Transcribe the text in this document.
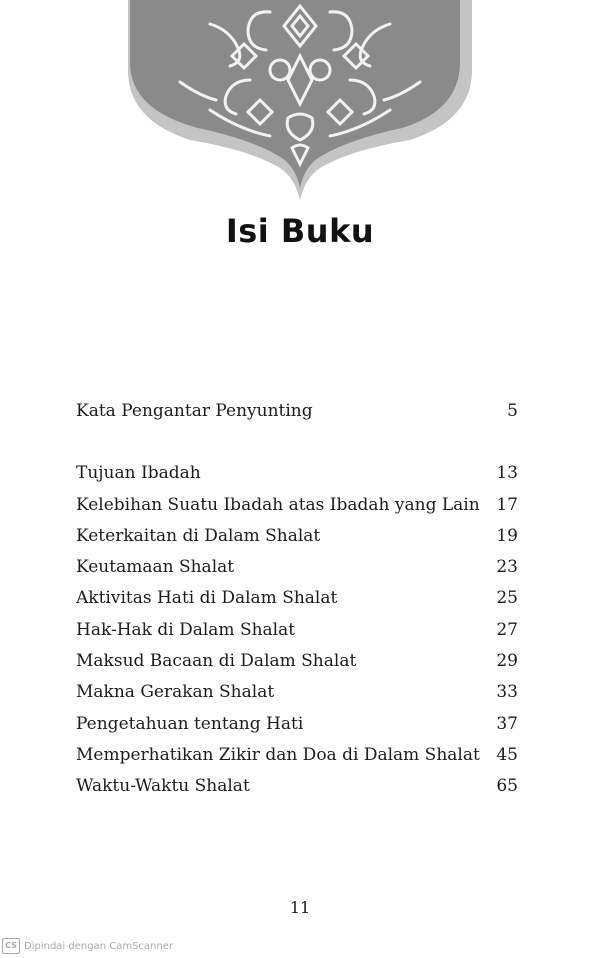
Isi Buku
Kata Pengantar Penyunting	5
Tujuan Ibadah	13
Kelebihan Suatu Ibadah atas Ibadah yang Lain 17
Keterkaitan di Dalam Shalat	19
Keutamaan Shalat	23
Aktivitas Hati di Dalam Shalat	25
Hak-Hak di Dalam Shalat	27
Maksud Bacaan di Dalam Shalat	29
Makna Gerakan Shalat	33
Pengetahuan tentang Hati	37
Memperhatikan Zikir dan Doa di Dalam Shalat 45
Waktu-Waktu Shalat	65
11
CS Dipindai dengan CamScanner
